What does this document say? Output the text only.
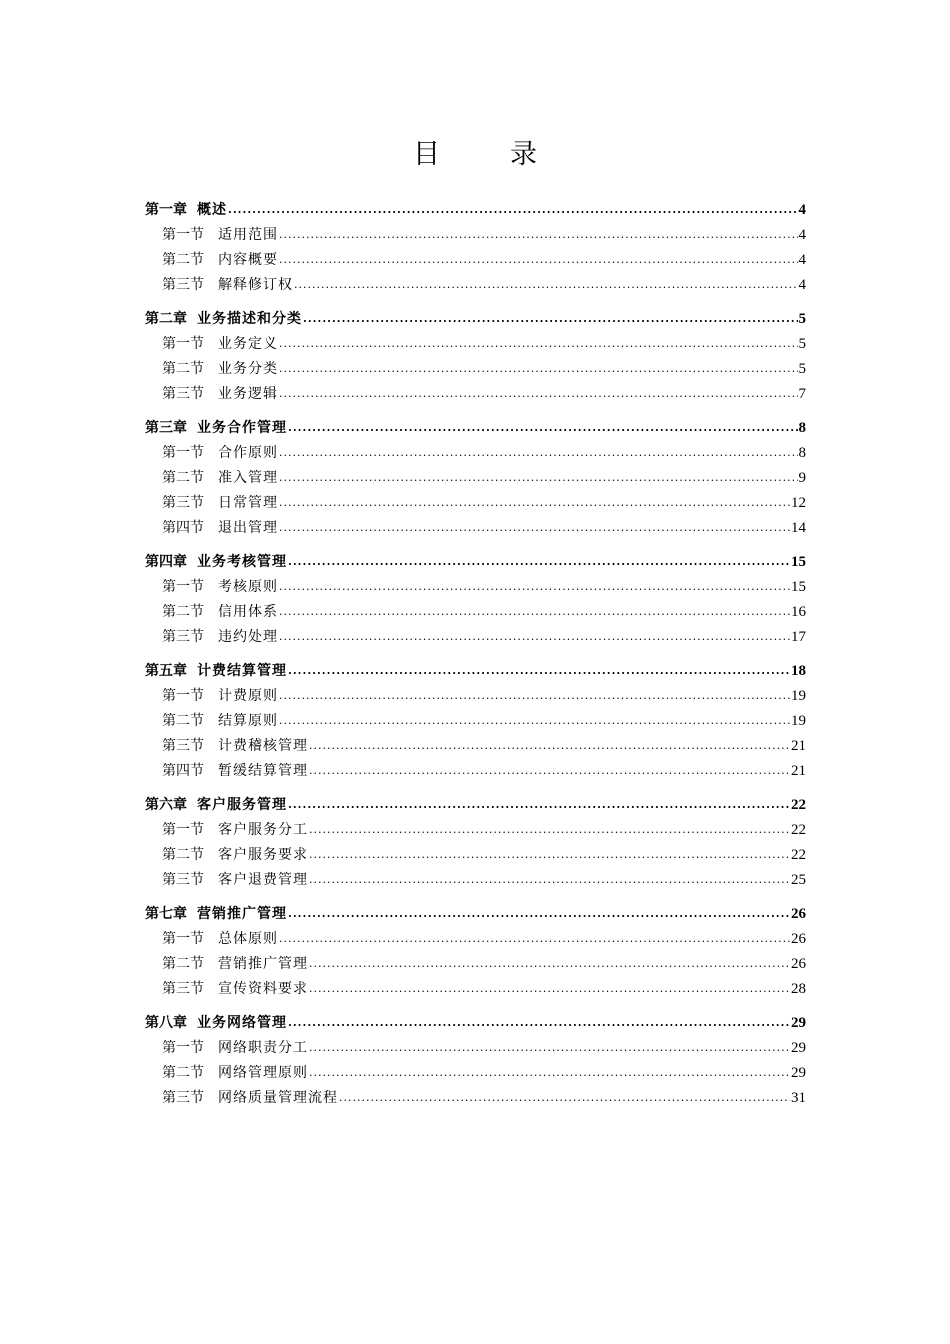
目	录
第一章 概述 .....	4
第一节 适用范围 .....	4
第二节 内容概要 .....	4
第三节 解释修订权 .....	4
第二章 业务描述和分类 .....	5
第一节 业务定义 .....	5
第二节 业务分类 .....	5
第三节 业务逻辑 .....	7
第三章 业务合作管理 .....	8
第一节 合作原则 .....	8
第二节 准入管理 .....	9
第三节 日常管理 .....	12
第四节 退出管理 .....	14
第四章 业务考核管理 .....	15
第一节 考核原则 .....	15
第二节 信用体系 .....	16
第三节 违约处理 .....	17
第五章 计费结算管理 .....	18
第一节 计费原则 .....	19
第二节 结算原则 .....	19
第三节 计费稽核管理 .....	21
第四节 暂缓结算管理 .....	21
第六章 客户服务管理 .....	22
第一节 客户服务分工 .....	22
第二节 客户服务要求 .....	22
第三节 客户退费管理 .....	25
第七章 营销推广管理 .....	26
第一节 总体原则 .....	26
第二节 营销推广管理 .....	26
第三节 宣传资料要求 .....	28
第八章 业务网络管理 .....	29
第一节 网络职责分工 .....	29
第二节 网络管理原则 .....	29
第三节 网络质量管理流程 .....	31
